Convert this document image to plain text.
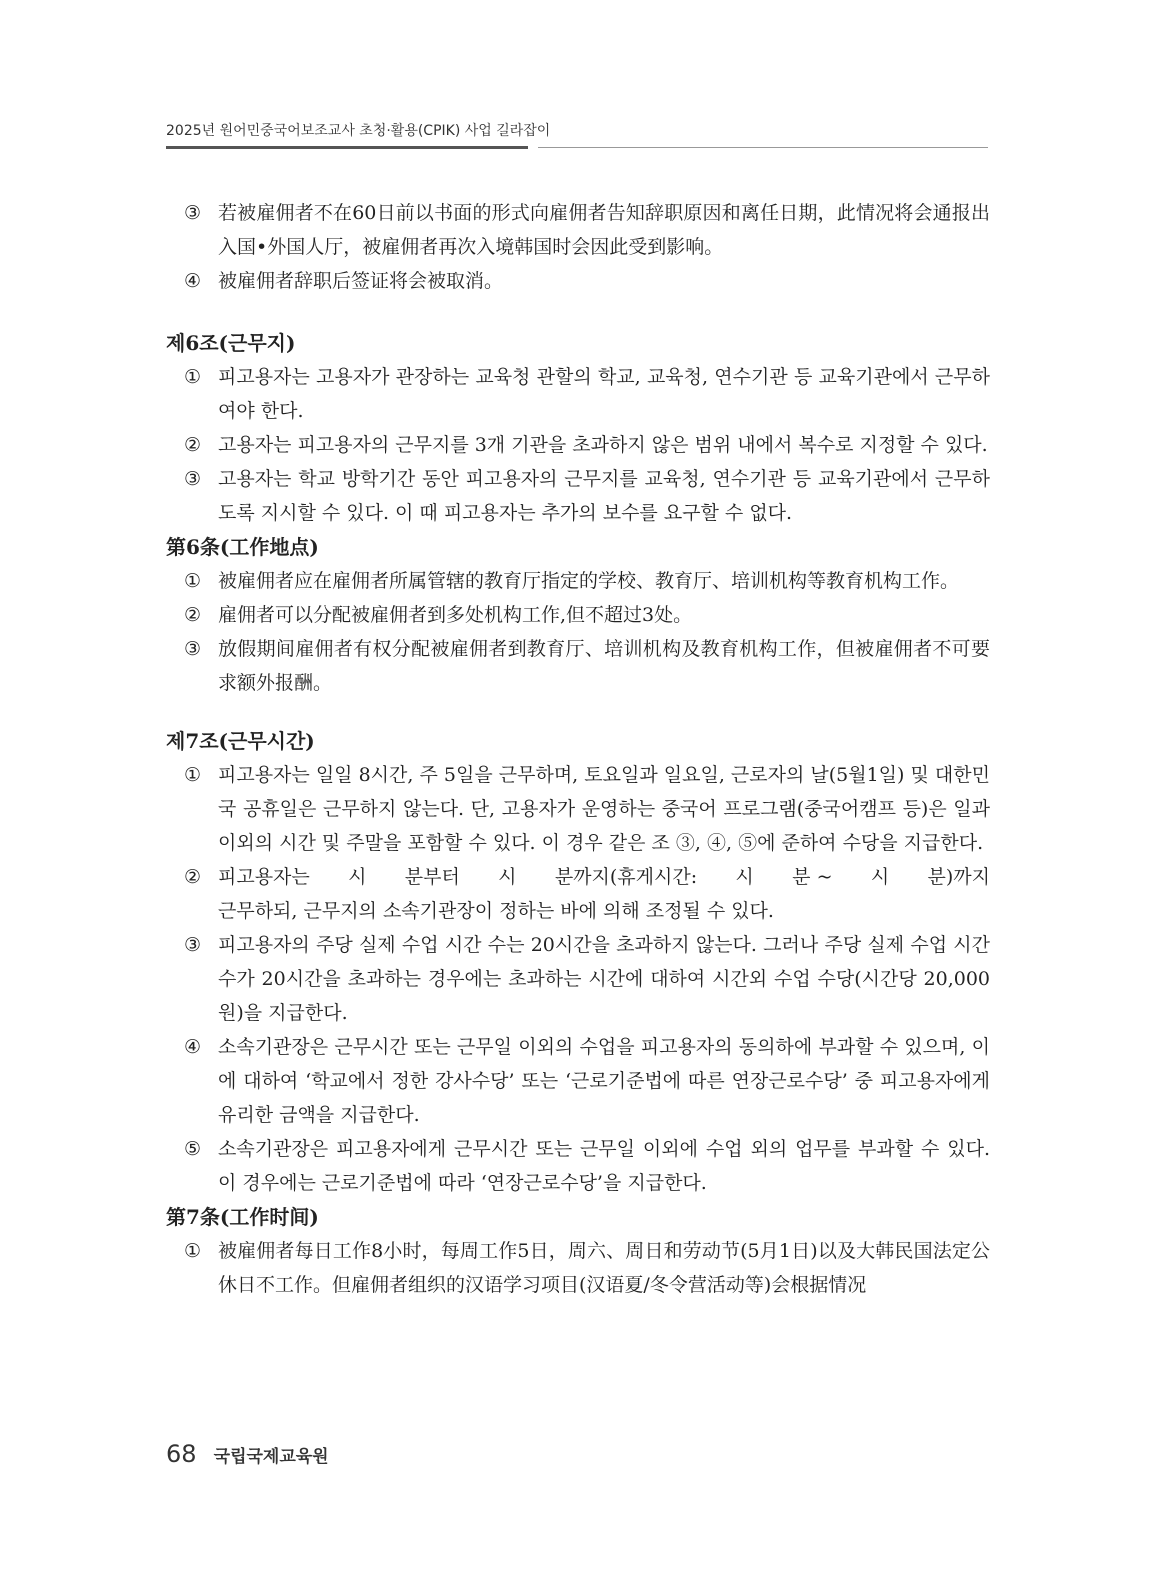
2025년 원어민중국어보조교사 초청·활용(CPIK) 사업 길라잡이
③ 若被雇佣者不在60日前以书面的形式向雇佣者告知辞职原因和离任日期，此情况将会通报出入国•外国人厅，被雇佣者再次入境韩国时会因此受到影响。
④ 被雇佣者辞职后签证将会被取消。
제6조(근무지)
① 피고용자는 고용자가 관장하는 교육청 관할의 학교, 교육청, 연수기관 등 교육기관에서 근무하여야 한다.
② 고용자는 피고용자의 근무지를 3개 기관을 초과하지 않은 범위 내에서 복수로 지정할 수 있다.
③ 고용자는 학교 방학기간 동안 피고용자의 근무지를 교육청, 연수기관 등 교육기관에서 근무하도록 지시할 수 있다. 이 때 피고용자는 추가의 보수를 요구할 수 없다.
第6条(工作地点)
① 被雇佣者应在雇佣者所属管辖的教育厅指定的学校、教育厅、培训机构等教育机构工作。
② 雇佣者可以分配被雇佣者到多处机构工作,但不超过3处。
③ 放假期间雇佣者有权分配被雇佣者到教育厅、培训机构及教育机构工作，但被雇佣者不可要求额外报酬。
제7조(근무시간)
① 피고용자는 일일 8시간, 주 5일을 근무하며, 토요일과 일요일, 근로자의 날(5월1일) 및 대한민국 공휴일은 근무하지 않는다. 단, 고용자가 운영하는 중국어 프로그램(중국어캠프 등)은 일과 이외의 시간 및 주말을 포함할 수 있다. 이 경우 같은 조 ③, ④, ⑤에 준하여 수당을 지급한다.
② 피고용자는　　시　　분부터　　시　　분까지(휴게시간:　　시　　분 ~　　시　　분)까지 근무하되, 근무지의 소속기관장이 정하는 바에 의해 조정될 수 있다.
③ 피고용자의 주당 실제 수업 시간 수는 20시간을 초과하지 않는다. 그러나 주당 실제 수업 시간수가 20시간을 초과하는 경우에는 초과하는 시간에 대하여 시간외 수업 수당(시간당 20,000원)을 지급한다.
④ 소속기관장은 근무시간 또는 근무일 이외의 수업을 피고용자의 동의하에 부과할 수 있으며, 이에 대하여 ‘학교에서 정한 강사수당’ 또는 ‘근로기준법에 따른 연장근로수당’ 중 피고용자에게 유리한 금액을 지급한다.
⑤ 소속기관장은 피고용자에게 근무시간 또는 근무일 이외에 수업 외의 업무를 부과할 수 있다. 이 경우에는 근로기준법에 따라 ‘연장근로수당’을 지급한다.
第7条(工作时间)
① 被雇佣者每日工作8小时，每周工作5日，周六、周日和劳动节(5月1日)以及大韩民国法定公休日不工作。但雇佣者组织的汉语学习项目(汉语夏/冬令营活动等)会根据情况
68 국립국제교육원
